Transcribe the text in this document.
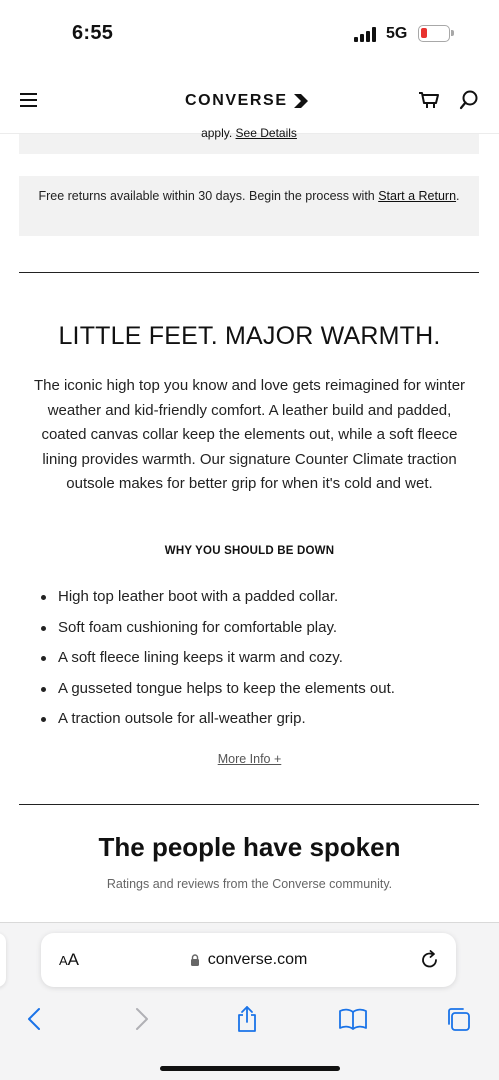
6:55	5G
CONVERSE
apply. See Details
Free returns available within 30 days. Begin the process with Start a Return.
LITTLE FEET. MAJOR WARMTH.

The iconic high top you know and love gets reimagined for winter weather and kid-friendly comfort. A leather build and padded, coated canvas collar keep the elements out, while a soft fleece lining provides warmth. Our signature Counter Climate traction outsole makes for better grip for when it's cold and wet.

WHY YOU SHOULD BE DOWN
High top leather boot with a padded collar.
Soft foam cushioning for comfortable play.
A soft fleece lining keeps it warm and cozy.
A gusseted tongue helps to keep the elements out.
A traction outsole for all-weather grip.
More Info +
The people have spoken

Ratings and reviews from the Converse community.

AA	converse.com
